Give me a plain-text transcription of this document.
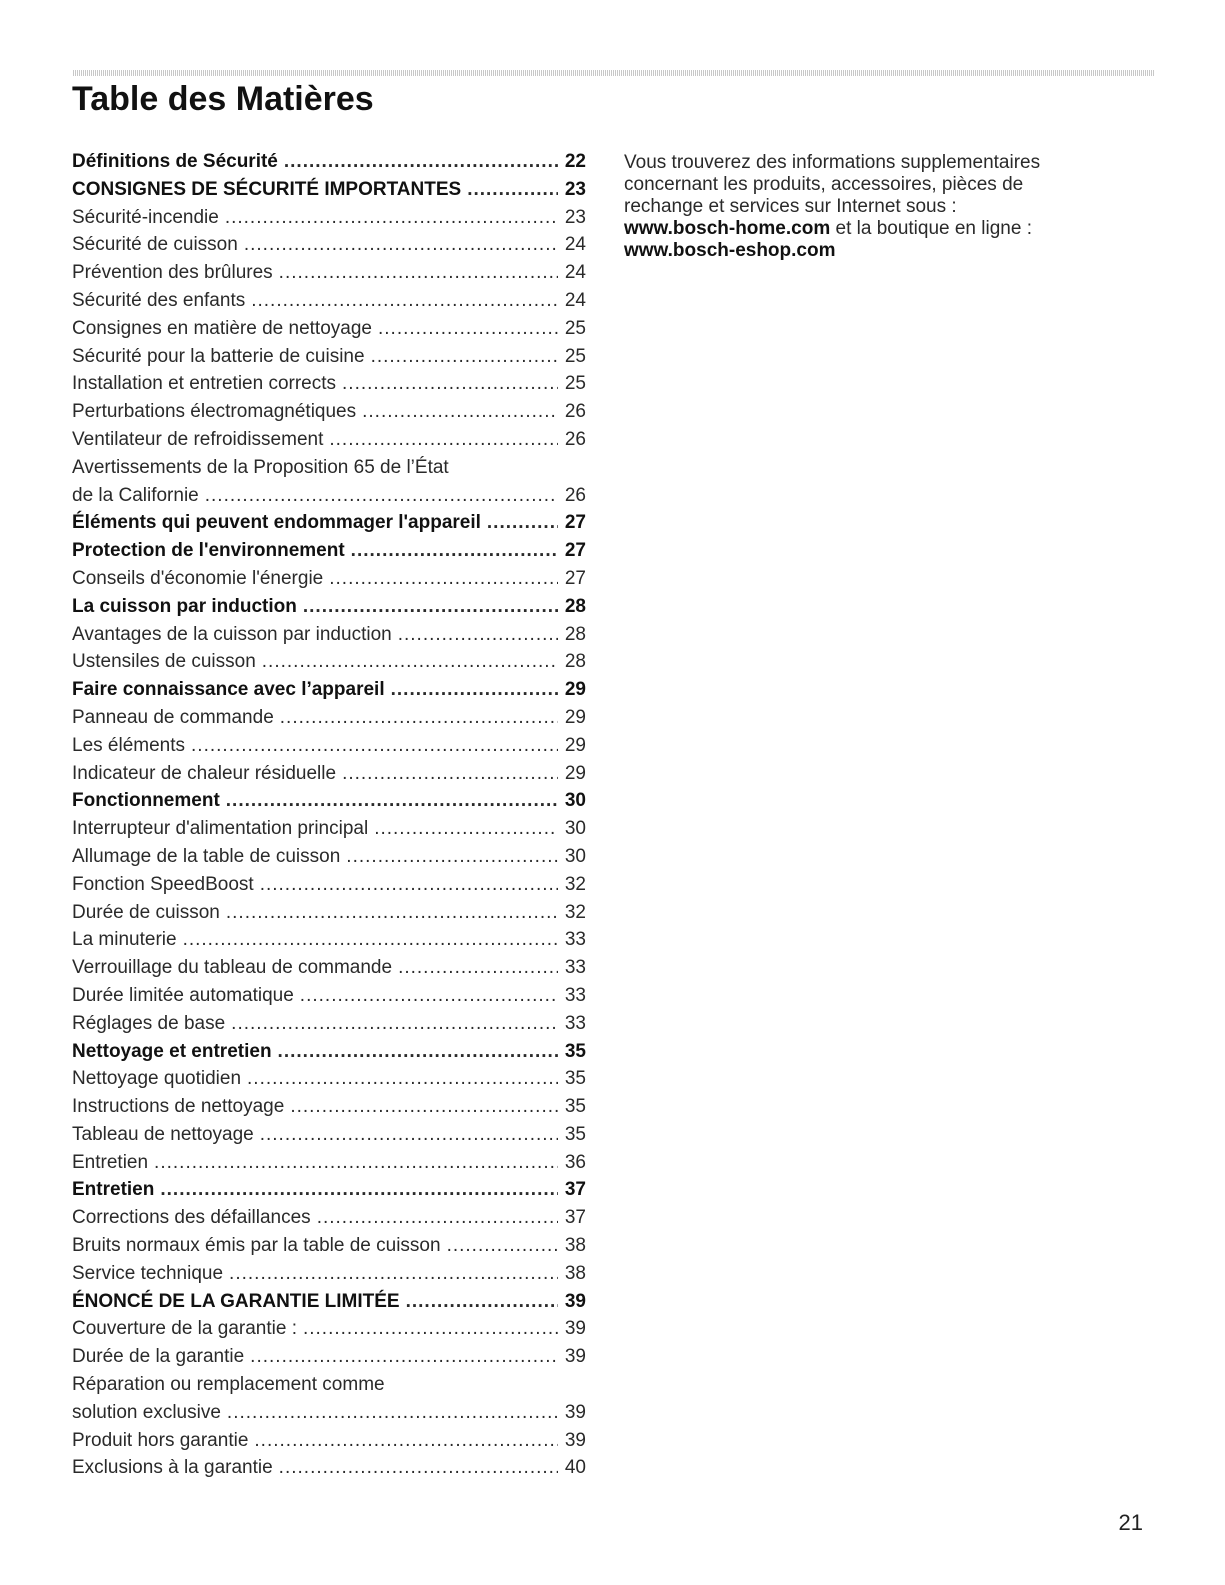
Table des Matières
Définitions de Sécurité .....	22
CONSIGNES DE SÉCURITÉ IMPORTANTES .....	23
Sécurité-incendie .....	23
Sécurité de cuisson .....	24
Prévention des brûlures .....	24
Sécurité des enfants .....	24
Consignes en matière de nettoyage .....	25
Sécurité pour la batterie de cuisine .....	25
Installation et entretien corrects .....	25
Perturbations électromagnétiques .....	26
Ventilateur de refroidissement .....	26
Avertissements de la Proposition 65 de l’État
de la Californie .....	26
Éléments qui peuvent endommager l'appareil .....	27
Protection de l'environnement .....	27
Conseils d'économie l'énergie .....	27
La cuisson par induction .....	28
Avantages de la cuisson par induction .....	28
Ustensiles de cuisson .....	28
Faire connaissance avec l’appareil .....	29
Panneau de commande .....	29
Les éléments .....	29
Indicateur de chaleur résiduelle .....	29
Fonctionnement .....	30
Interrupteur d'alimentation principal .....	30
Allumage de la table de cuisson .....	30
Fonction SpeedBoost .....	32
Durée de cuisson .....	32
La minuterie .....	33
Verrouillage du tableau de commande .....	33
Durée limitée automatique .....	33
Réglages de base .....	33
Nettoyage et entretien .....	35
Nettoyage quotidien .....	35
Instructions de nettoyage .....	35
Tableau de nettoyage .....	35
Entretien .....	36
Entretien .....	37
Corrections des défaillances .....	37
Bruits normaux émis par la table de cuisson .....	38
Service technique .....	38
ÉNONCÉ DE LA GARANTIE LIMITÉE .....	39
Couverture de la garantie : .....	39
Durée de la garantie .....	39
Réparation ou remplacement comme
solution exclusive .....	39
Produit hors garantie .....	39
Exclusions à la garantie .....	40

Vous trouverez des informations supplementaires

concernant les produits, accessoires, pièces de

rechange et services sur Internet sous :

www.bosch-home.com et la boutique en ligne :

www.bosch-eshop.com

21
